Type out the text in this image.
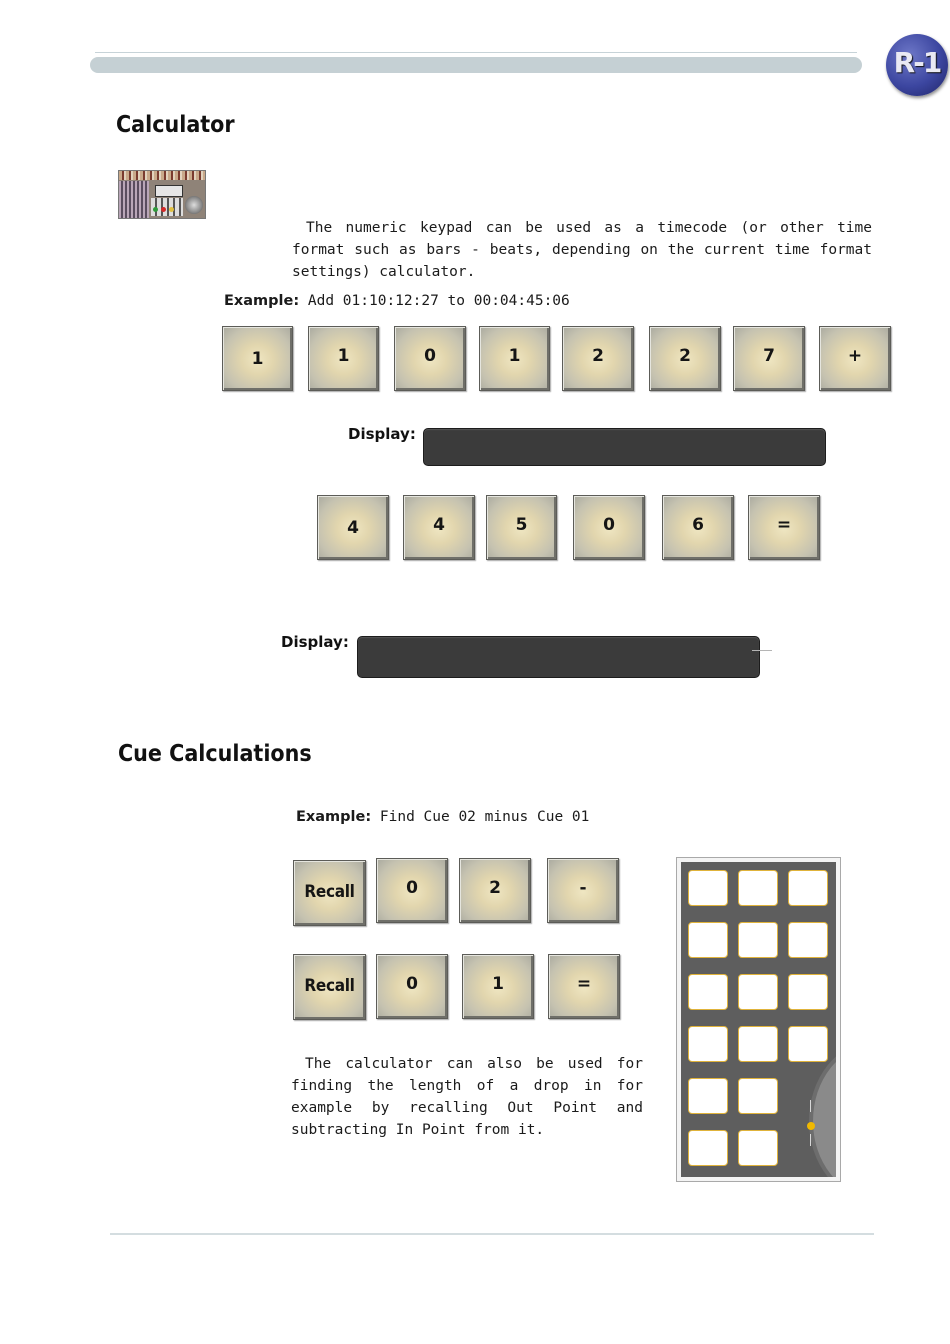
R-1
Calculator
The numeric keypad can be used as a timecode (or other time format such as bars - beats, depending on the current time format settings) calculator.
Example: Add 01:10:12:27 to 00:04:45:06
1	1	0	1	2	2	7	+
Display:
4	4	5	0	6	=
Display:
Cue Calculations
Example: Find Cue 02 minus Cue 01
Recall	0	2	-
Recall	0	1	=
The calculator can also be used for finding the length of a drop in for example by recalling Out Point and subtracting In Point from it.
